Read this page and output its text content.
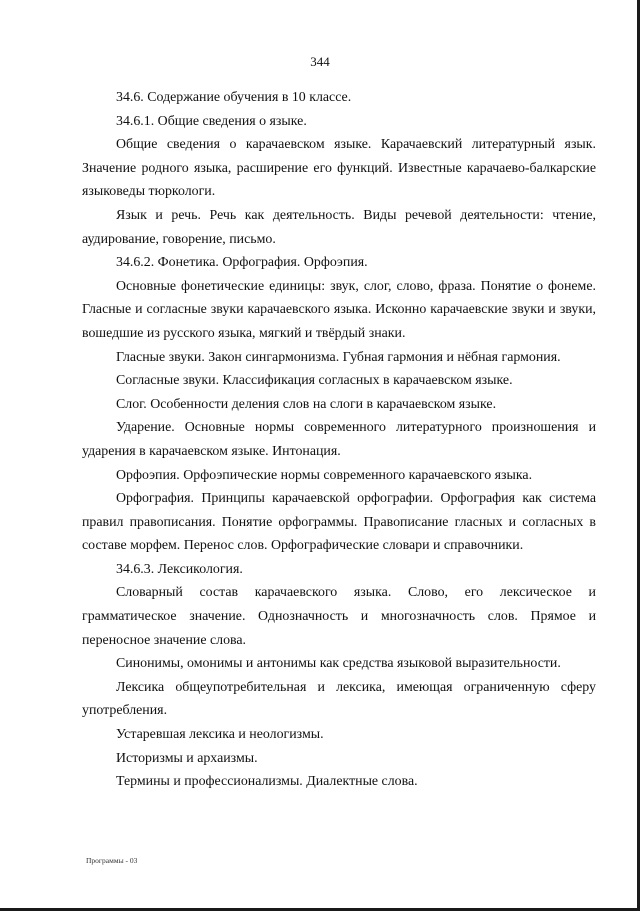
344

34.6. Содержание обучения в 10 классе.

34.6.1. Общие сведения о языке.

Общие сведения о карачаевском языке. Карачаевский литературный язык. Значение родного языка, расширение его функций. Известные карачаево-балкарские языковеды тюркологи.

Язык и речь. Речь как деятельность. Виды речевой деятельности: чтение, аудирование, говорение, письмо.

34.6.2. Фонетика. Орфография. Орфоэпия.

Основные фонетические единицы: звук, слог, слово, фраза. Понятие о фонеме. Гласные и согласные звуки карачаевского языка. Исконно карачаевские звуки и звуки, вошедшие из русского языка, мягкий и твёрдый знаки.

Гласные звуки. Закон сингармонизма. Губная гармония и нёбная гармония.

Согласные звуки. Классификация согласных в карачаевском языке.

Слог. Особенности деления слов на слоги в карачаевском языке.

Ударение. Основные нормы современного литературного произношения и ударения в карачаевском языке. Интонация.

Орфоэпия. Орфоэпические нормы современного карачаевского языка.

Орфография. Принципы карачаевской орфографии. Орфография как система правил правописания. Понятие орфограммы. Правописание гласных и согласных в составе морфем. Перенос слов. Орфографические словари и справочники.

34.6.3. Лексикология.

Словарный состав карачаевского языка. Слово, его лексическое и грамматическое значение. Однозначность и многозначность слов. Прямое и переносное значение слова.

Синонимы, омонимы и антонимы как средства языковой выразительности.

Лексика общеупотребительная и лексика, имеющая ограниченную сферу употребления.

Устаревшая лексика и неологизмы.

Историзмы и архаизмы.

Термины и профессионализмы. Диалектные слова.

Программы - 03
